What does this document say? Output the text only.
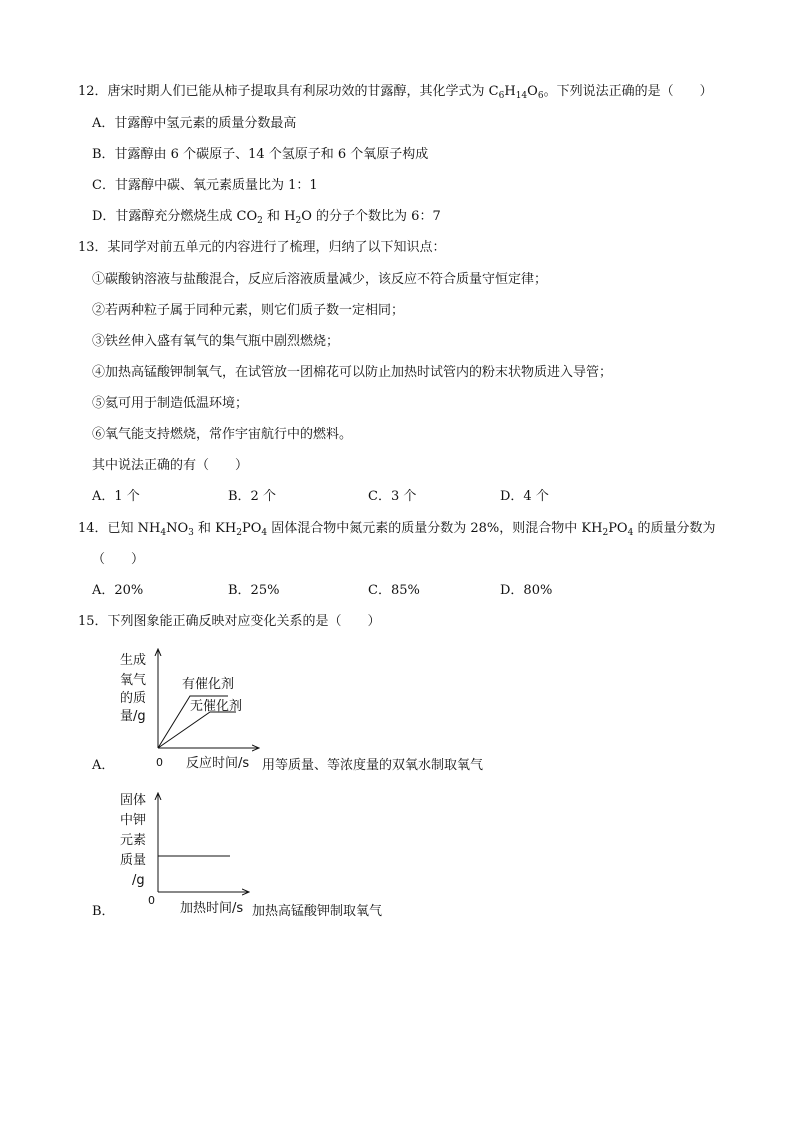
12．唐宋时期人们已能从柿子提取具有利尿功效的甘露醇，其化学式为 $C_6H_{14}O_6$。下列说法正确的是（　　）
A．甘露醇中氢元素的质量分数最高
B．甘露醇由 6 个碳原子、14 个氢原子和 6 个氧原子构成
C．甘露醇中碳、氧元素质量比为 1：1
D．甘露醇充分燃烧生成 $CO_2$ 和 $H_2O$ 的分子个数比为 6：7
13．某同学对前五单元的内容进行了梳理，归纳了以下知识点：
①碳酸钠溶液与盐酸混合，反应后溶液质量减少，该反应不符合质量守恒定律；
②若两种粒子属于同种元素，则它们质子数一定相同；
③铁丝伸入盛有氧气的集气瓶中剧烈燃烧；
④加热高锰酸钾制氧气，在试管放一团棉花可以防止加热时试管内的粉末状物质进入导管；
⑤氦可用于制造低温环境；
⑥氧气能支持燃烧，常作宇宙航行中的燃料。
其中说法正确的有（　　）
A．1 个	B．2 个	C．3 个	D．4 个
14．已知 $NH_4NO_3$ 和 $KH_2PO_4$ 固体混合物中氮元素的质量分数为 28%，则混合物中 $KH_2PO_4$ 的质量分数为
（　　）
A．20%	B．25%	C．85%	D．80%
15．下列图象能正确反映对应变化关系的是（　　）
A．
生成
氧气
的质
量/g
有催化剂
无催化剂
0 反应时间/s 用等质量、等浓度量的双氧水制取氧气
B．
固体
中钾
元素
质量
/g
0
加热时间/s 加热高锰酸钾制取氧气
